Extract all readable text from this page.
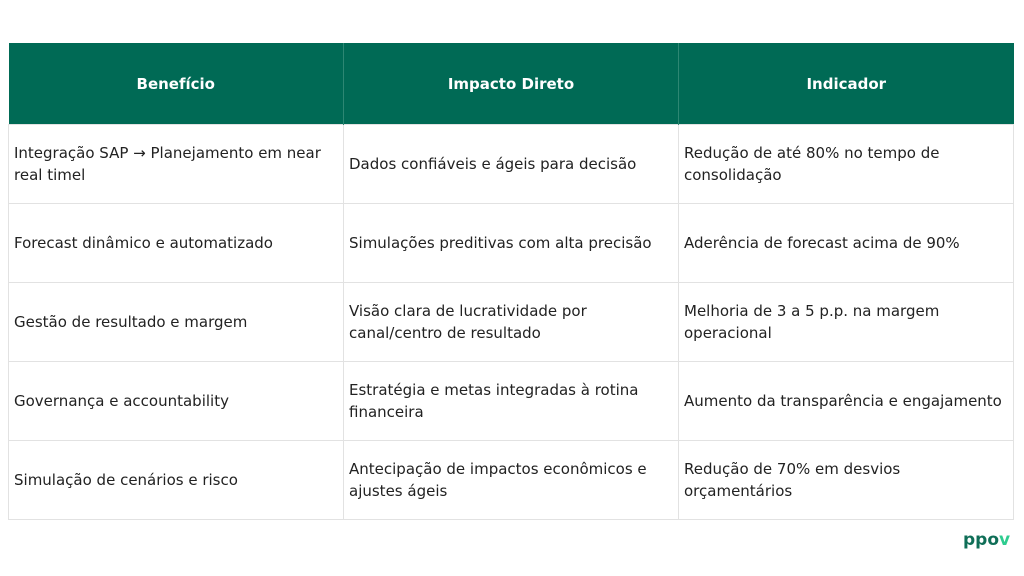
Benefício	Impacto Direto	Indicador
Integração SAP → Planejamento em near real timel	Dados confiáveis e ágeis para decisão	Redução de até 80% no tempo de consolidação
Forecast dinâmico e automatizado	Simulações preditivas com alta precisão	Aderência de forecast acima de 90%
Gestão de resultado e margem	Visão clara de lucratividade por canal/centro de resultado	Melhoria de 3 a 5 p.p. na margem operacional
Governança e accountability	Estratégia e metas integradas à rotina financeira	Aumento da transparência e engajamento
Simulação de cenários e risco	Antecipação de impactos econômicos e ajustes ágeis	Redução de 70% em desvios orçamentários
ppov
